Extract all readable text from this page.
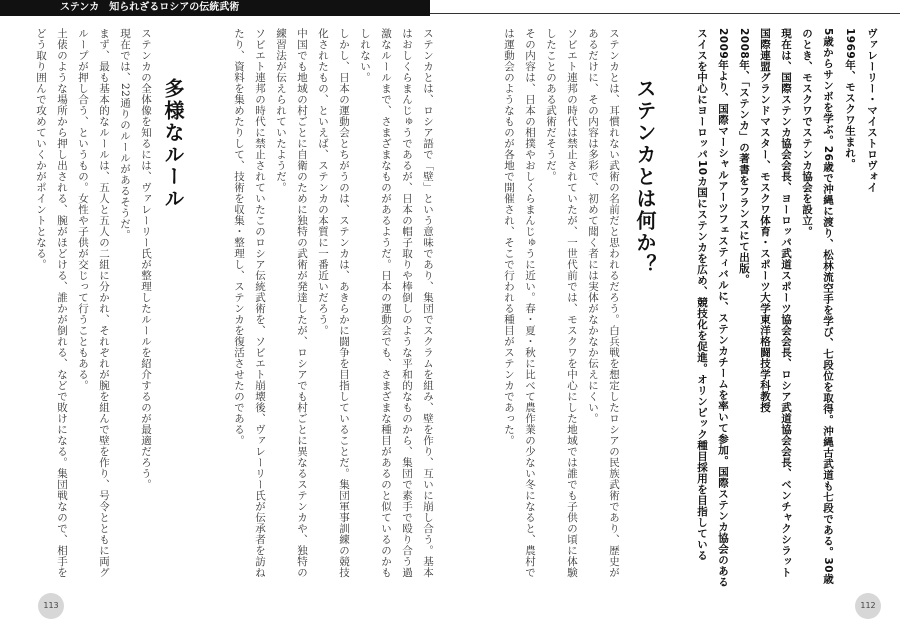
ステンカ　知られざるロシアの伝統武術
ヴァレーリー・マイストロヴォイ
1969年、モスクワ生まれ。
5歳からサンボを学ぶ。26歳で沖縄に渡り、松林流空手を学び、七段位を取得。沖縄古武道も七段である。30歳のとき、モスクワでステンカ協会を設立。
現在は、国際ステンカ協会会長、ヨーロッパ武道スポーツ協会会長、ロシア武道協会会長、ベンチャクシラット国際連盟グランドマスター、モスクワ体育・スポーツ大学東洋格闘技学科教授
2008年、「ステンカ」の著書をフランスにて出版。
2009年より、国際マーシャルアーツフェスティバルに、ステンカチームを率いて参加。国際ステンカ協会のあるスイスを中心にヨーロッパ10カ国にステンカを広め、競技化を促進。オリンピック種目採用を目指している
ステンカとは何か？
ステンカとは、耳慣れない武術の名前だと思われるだろう。白兵戦を想定したロシアの民族武術であり、歴史があるだけに、その内容は多彩で、初めて聞く者には実体がなかなか伝えにくい。
ソビエト連邦の時代は禁止されていたが、一世代前では、モスクワを中心にした地域では誰でも子供の頃に体験したことのある武術だそうだ。
その内容は、日本の相撲やおしくらまんじゅうに近い。春・夏・秋に比べて農作業の少ない冬になると、農村では運動会のようなものが各地で開催され、そこで行われる種目がステンカであった。
112
ステンカとは、ロシア語で「壁」という意味であり、集団でスクラムを組み、壁を作り、互いに崩し合う。基本はおしくらまんじゅうであるが、日本の帽子取りや棒倒しのような平和的なものから、集団で素手で殴り合う過激なルールまで、さまざまなものがあるようだ。日本の運動会でも、さまざまな種目があるのと似ているのかもしれない。
しかし、日本の運動会とちがうのは、ステンカは、あきらかに闘争を目指していることだ。集団軍事訓練の競技化されたもの、といえば、ステンカの本質に一番近いだろう。
中国でも地域の村ごとに自衛のために独特の武術が発達したが、ロシアでも村ごとに異なるステンカや、独特の練習法が伝えられていたようだ。
ソビエト連邦の時代に禁止されていたこのロシア伝統武術を、ソビエト崩壊後、ヴァレーリー氏が伝承者を訪ねたり、資料を集めたりして、技術を収集・整理し、ステンカを復活させたのである。
多様なルール
ステンカの全体像を知るには、ヴァレーリー氏が整理したルールを紹介するのが最適だろう。
現在では、22通りのルールがあるそうだ。
まず、最も基本的なルールは、五人と五人の二組に分かれ、それぞれが腕を組んで壁を作り、号令とともに両グループが押し合う、というもの。女性や子供が交じって行うこともある。
土俵のような場所から押し出される、腕がほどける、誰かが倒れる、などで敗けになる。集団戦なので、相手をどう取り囲んで攻めていくかがポイントとなる。
113
